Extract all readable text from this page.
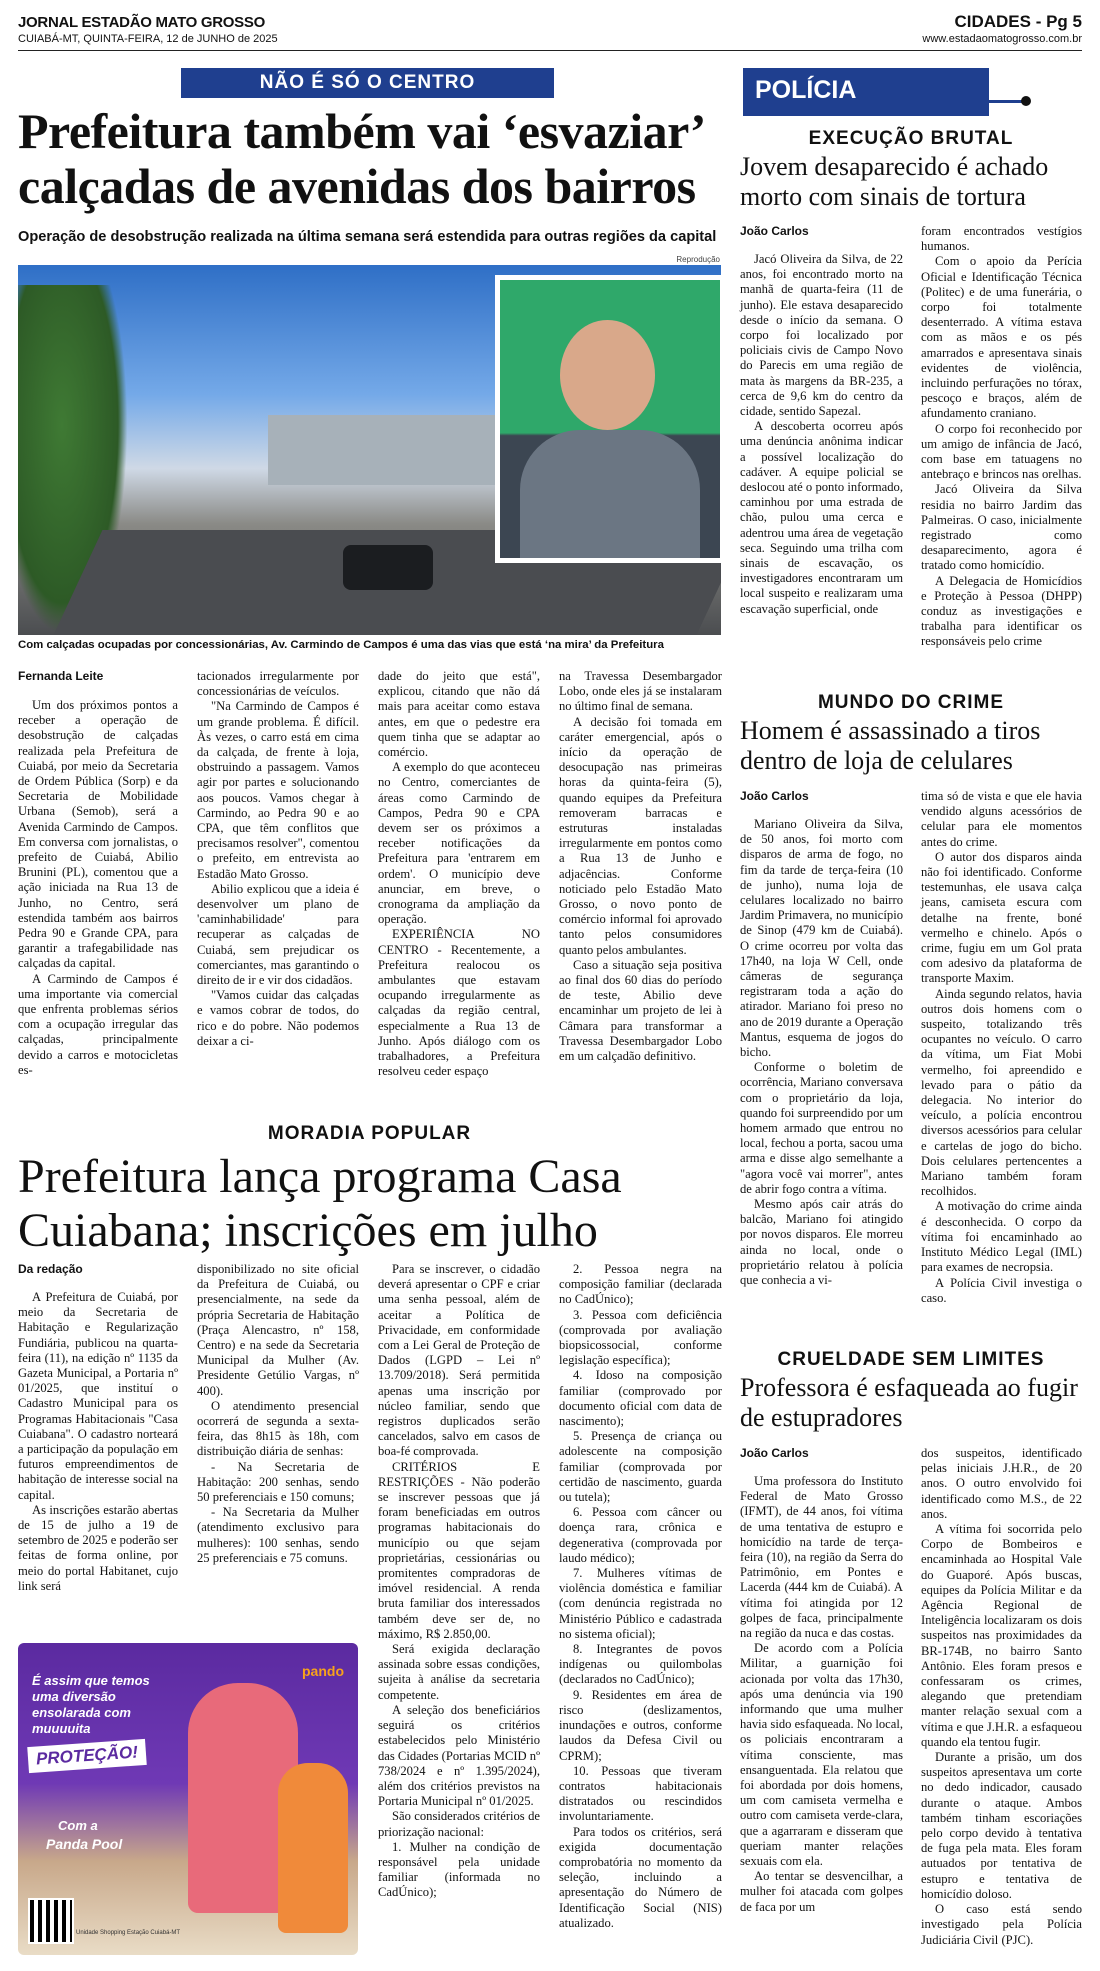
JORNAL ESTADÃO MATO GROSSO
CUIABÁ-MT, QUINTA-FEIRA, 12 de JUNHO de 2025
CIDADES - Pg 5
www.estadaomatogrosso.com.br
NÃO É SÓ O CENTRO
Prefeitura também vai ‘esvaziar’ calçadas de avenidas dos bairros
Operação de desobstrução realizada na última semana será estendida para outras regiões da capital
Reprodução
Com calçadas ocupadas por concessionárias, Av. Carmindo de Campos é uma das vias que está ‘na mira’ da Prefeitura
Fernanda Leite

Um dos próximos pontos a receber a operação de desobstrução de calçadas realizada pela Prefeitura de Cuiabá, por meio da Secretaria de Ordem Pública (Sorp) e da Secretaria de Mobilidade Urbana (Semob), será a Avenida Carmindo de Campos. Em conversa com jornalistas, o prefeito de Cuiabá, Abilio Brunini (PL), comentou que a ação iniciada na Rua 13 de Junho, no Centro, será estendida também aos bairros Pedra 90 e Grande CPA, para garantir a trafegabilidade nas calçadas da capital.

A Carmindo de Campos é uma importante via comercial que enfrenta problemas sérios com a ocupação irregular das calçadas, principalmente devido a carros e motocicletas es-

tacionados irregularmente por concessionárias de veículos.

"Na Carmindo de Campos é um grande problema. É difícil. Às vezes, o carro está em cima da calçada, de frente à loja, obstruindo a passagem. Vamos agir por partes e solucionando aos poucos. Vamos chegar à Carmindo, ao Pedra 90 e ao CPA, que têm conflitos que precisamos resolver", comentou o prefeito, em entrevista ao Estadão Mato Grosso.

Abilio explicou que a ideia é desenvolver um plano de 'caminhabilidade' para recuperar as calçadas de Cuiabá, sem prejudicar os comerciantes, mas garantindo o direito de ir e vir dos cidadãos.

"Vamos cuidar das calçadas e vamos cobrar de todos, do rico e do pobre. Não podemos deixar a ci-

dade do jeito que está", explicou, citando que não dá mais para aceitar como estava antes, em que o pedestre era quem tinha que se adaptar ao comércio.

A exemplo do que aconteceu no Centro, comerciantes de áreas como Carmindo de Campos, Pedra 90 e CPA devem ser os próximos a receber notificações da Prefeitura para 'entrarem em ordem'. O município deve anunciar, em breve, o cronograma da ampliação da operação.

EXPERIÊNCIA NO CENTRO - Recentemente, a Prefeitura realocou os ambulantes que estavam ocupando irregularmente as calçadas da região central, especialmente a Rua 13 de Junho. Após diálogo com os trabalhadores, a Prefeitura resolveu ceder espaço

na Travessa Desembargador Lobo, onde eles já se instalaram no último final de semana.

A decisão foi tomada em caráter emergencial, após o início da operação de desocupação nas primeiras horas da quinta-feira (5), quando equipes da Prefeitura removeram barracas e estruturas instaladas irregularmente em pontos como a Rua 13 de Junho e adjacências. Conforme noticiado pelo Estadão Mato Grosso, o novo ponto de comércio informal foi aprovado tanto pelos consumidores quanto pelos ambulantes.

Caso a situação seja positiva ao final dos 60 dias do período de teste, Abilio deve encaminhar um projeto de lei à Câmara para transformar a Travessa Desembargador Lobo em um calçadão definitivo.

MORADIA POPULAR
Prefeitura lança programa Casa Cuiabana; inscrições em julho
Da redação

A Prefeitura de Cuiabá, por meio da Secretaria de Habitação e Regularização Fundiária, publicou na quarta-feira (11), na edição nº 1135 da Gazeta Municipal, a Portaria nº 01/2025, que instituí o Cadastro Municipal para os Programas Habitacionais "Casa Cuiabana". O cadastro norteará a participação da população em futuros empreendimentos de habitação de interesse social na capital.

As inscrições estarão abertas de 15 de julho a 19 de setembro de 2025 e poderão ser feitas de forma online, por meio do portal Habitanet, cujo link será

disponibilizado no site oficial da Prefeitura de Cuiabá, ou presencialmente, na sede da própria Secretaria de Habitação (Praça Alencastro, nº 158, Centro) e na sede da Secretaria Municipal da Mulher (Av. Presidente Getúlio Vargas, nº 400).

O atendimento presencial ocorrerá de segunda a sexta-feira, das 8h15 às 18h, com distribuição diária de senhas:

- Na Secretaria de Habitação: 200 senhas, sendo 50 preferenciais e 150 comuns;

- Na Secretaria da Mulher (atendimento exclusivo para mulheres): 100 senhas, sendo 25 preferenciais e 75 comuns.

Para se inscrever, o cidadão deverá apresentar o CPF e criar uma senha pessoal, além de aceitar a Política de Privacidade, em conformidade com a Lei Geral de Proteção de Dados (LGPD – Lei nº 13.709/2018). Será permitida apenas uma inscrição por núcleo familiar, sendo que registros duplicados serão cancelados, salvo em casos de boa-fé comprovada.

CRITÉRIOS E RESTRIÇÕES - Não poderão se inscrever pessoas que já foram beneficiadas em outros programas habitacionais do município ou que sejam proprietárias, cessionárias ou promitentes compradoras de imóvel residencial. A renda bruta familiar dos interessados também deve ser de, no máximo, R$ 2.850,00.

Será exigida declaração assinada sobre essas condições, sujeita à análise da secretaria competente.

A seleção dos beneficiários seguirá os critérios estabelecidos pelo Ministério das Cidades (Portarias MCID nº 738/2024 e nº 1.395/2024), além dos critérios previstos na Portaria Municipal nº 01/2025.

São considerados critérios de priorização nacional:

1. Mulher na condição de responsável pela unidade familiar (informada no CadÚnico);

2. Pessoa negra na composição familiar (declarada no CadÚnico);

3. Pessoa com deficiência (comprovada por avaliação biopsicossocial, conforme legislação específica);

4. Idoso na composição familiar (comprovado por documento oficial com data de nascimento);

5. Presença de criança ou adolescente na composição familiar (comprovada por certidão de nascimento, guarda ou tutela);

6. Pessoa com câncer ou doença rara, crônica e degenerativa (comprovada por laudo médico);

7. Mulheres vítimas de violência doméstica e familiar (com denúncia registrada no Ministério Público e cadastrada no sistema oficial);

8. Integrantes de povos indígenas ou quilombolas (declarados no CadÚnico);

9. Residentes em área de risco (deslizamentos, inundações e outros, conforme laudos da Defesa Civil ou CPRM);

10. Pessoas que tiveram contratos habitacionais distratados ou rescindidos involuntariamente.

Para todos os critérios, será exigida documentação comprobatória no momento da seleção, incluindo a apresentação do Número de Identificação Social (NIS) atualizado.

É assim que temos uma diversão ensolarada com muuuuita
PROTEÇÃO!
Com a
Panda Pool
pando
Unidade Shopping Estação Cuiabá-MT
POLÍCIA
EXECUÇÃO BRUTAL
Jovem desaparecido é achado morto com sinais de tortura
João Carlos

Jacó Oliveira da Silva, de 22 anos, foi encontrado morto na manhã de quarta-feira (11 de junho). Ele estava desaparecido desde o início da semana. O corpo foi localizado por policiais civis de Campo Novo do Parecis em uma região de mata às margens da BR-235, a cerca de 9,6 km do centro da cidade, sentido Sapezal.

A descoberta ocorreu após uma denúncia anônima indicar a possível localização do cadáver. A equipe policial se deslocou até o ponto informado, caminhou por uma estrada de chão, pulou uma cerca e adentrou uma área de vegetação seca. Seguindo uma trilha com sinais de escavação, os investigadores encontraram um local suspeito e realizaram uma escavação superficial, onde

foram encontrados vestígios humanos.

Com o apoio da Perícia Oficial e Identificação Técnica (Politec) e de uma funerária, o corpo foi totalmente desenterrado. A vítima estava com as mãos e os pés amarrados e apresentava sinais evidentes de violência, incluindo perfurações no tórax, pescoço e braços, além de afundamento craniano.

O corpo foi reconhecido por um amigo de infância de Jacó, com base em tatuagens no antebraço e brincos nas orelhas.

Jacó Oliveira da Silva residia no bairro Jardim das Palmeiras. O caso, inicialmente registrado como desaparecimento, agora é tratado como homicídio.

A Delegacia de Homicídios e Proteção à Pessoa (DHPP) conduz as investigações e trabalha para identificar os responsáveis pelo crime

MUNDO DO CRIME
Homem é assassinado a tiros dentro de loja de celulares
João Carlos

Mariano Oliveira da Silva, de 50 anos, foi morto com disparos de arma de fogo, no fim da tarde de terça-feira (10 de junho), numa loja de celulares localizado no bairro Jardim Primavera, no município de Sinop (479 km de Cuiabá). O crime ocorreu por volta das 17h40, na loja W Cell, onde câmeras de segurança registraram toda a ação do atirador. Mariano foi preso no ano de 2019 durante a Operação Mantus, esquema de jogos do bicho.

Conforme o boletim de ocorrência, Mariano conversava com o proprietário da loja, quando foi surpreendido por um homem armado que entrou no local, fechou a porta, sacou uma arma e disse algo semelhante a "agora você vai morrer", antes de abrir fogo contra a vítima.

Mesmo após cair atrás do balcão, Mariano foi atingido por novos disparos. Ele morreu ainda no local, onde o proprietário relatou à polícia que conhecia a vi-

tima só de vista e que ele havia vendido alguns acessórios de celular para ele momentos antes do crime.

O autor dos disparos ainda não foi identificado. Conforme testemunhas, ele usava calça jeans, camiseta escura com detalhe na frente, boné vermelho e chinelo. Após o crime, fugiu em um Gol prata com adesivo da plataforma de transporte Maxim.

Ainda segundo relatos, havia outros dois homens com o suspeito, totalizando três ocupantes no veículo. O carro da vítima, um Fiat Mobi vermelho, foi apreendido e levado para o pátio da delegacia. No interior do veículo, a polícia encontrou diversos acessórios para celular e cartelas de jogo do bicho. Dois celulares pertencentes a Mariano também foram recolhidos.

A motivação do crime ainda é desconhecida. O corpo da vítima foi encaminhado ao Instituto Médico Legal (IML) para exames de necropsia.

A Polícia Civil investiga o caso.

CRUELDADE SEM LIMITES
Professora é esfaqueada ao fugir de estupradores
João Carlos

Uma professora do Instituto Federal de Mato Grosso (IFMT), de 44 anos, foi vítima de uma tentativa de estupro e homicídio na tarde de terça-feira (10), na região da Serra do Patrimônio, em Pontes e Lacerda (444 km de Cuiabá). A vítima foi atingida por 12 golpes de faca, principalmente na região da nuca e das costas.

De acordo com a Polícia Militar, a guarnição foi acionada por volta das 17h30, após uma denúncia via 190 informando que uma mulher havia sido esfaqueada. No local, os policiais encontraram a vítima consciente, mas ensanguentada. Ela relatou que foi abordada por dois homens, um com camiseta vermelha e outro com camiseta verde-clara, que a agarraram e disseram que queriam manter relações sexuais com ela.

Ao tentar se desvencilhar, a mulher foi atacada com golpes de faca por um

dos suspeitos, identificado pelas iniciais J.H.R., de 20 anos. O outro envolvido foi identificado como M.S., de 22 anos.

A vítima foi socorrida pelo Corpo de Bombeiros e encaminhada ao Hospital Vale do Guaporé. Após buscas, equipes da Polícia Militar e da Agência Regional de Inteligência localizaram os dois suspeitos nas proximidades da BR-174B, no bairro Santo Antônio. Eles foram presos e confessaram os crimes, alegando que pretendiam manter relação sexual com a vítima e que J.H.R. a esfaqueou quando ela tentou fugir.

Durante a prisão, um dos suspeitos apresentava um corte no dedo indicador, causado durante o ataque. Ambos também tinham escoriações pelo corpo devido à tentativa de fuga pela mata. Eles foram autuados por tentativa de estupro e tentativa de homicídio doloso.

O caso está sendo investigado pela Polícia Judiciária Civil (PJC).
